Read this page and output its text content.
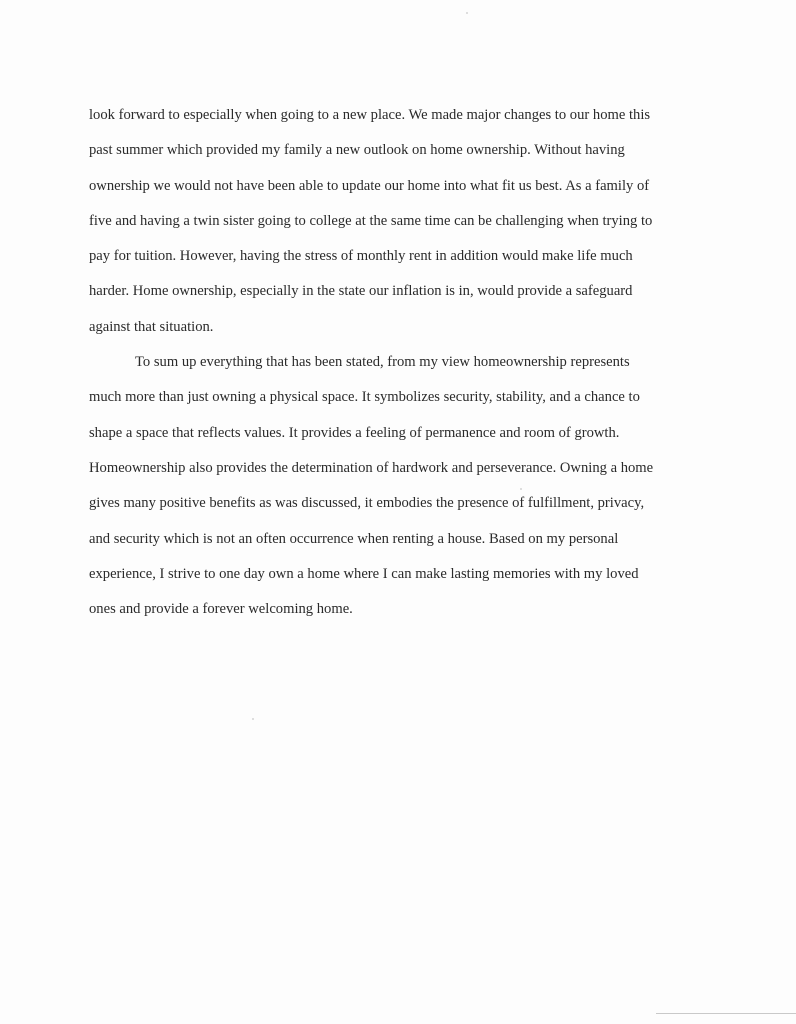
look forward to especially when going to a new place. We made major changes to our home this
past summer which provided my family a new outlook on home ownership. Without having
ownership we would not have been able to update our home into what fit us best. As a family of
five and having a twin sister going to college at the same time can be challenging when trying to
pay for tuition. However, having the stress of monthly rent in addition would make life much
harder. Home ownership, especially in the state our inflation is in, would provide a safeguard
against that situation.
To sum up everything that has been stated, from my view homeownership represents
much more than just owning a physical space. It symbolizes security, stability, and a chance to
shape a space that reflects values. It provides a feeling of permanence and room of growth.
Homeownership also provides the determination of hardwork and perseverance. Owning a home
gives many positive benefits as was discussed, it embodies the presence of fulfillment, privacy,
and security which is not an often occurrence when renting a house. Based on my personal
experience, I strive to one day own a home where I can make lasting memories with my loved
ones and provide a forever welcoming home.
